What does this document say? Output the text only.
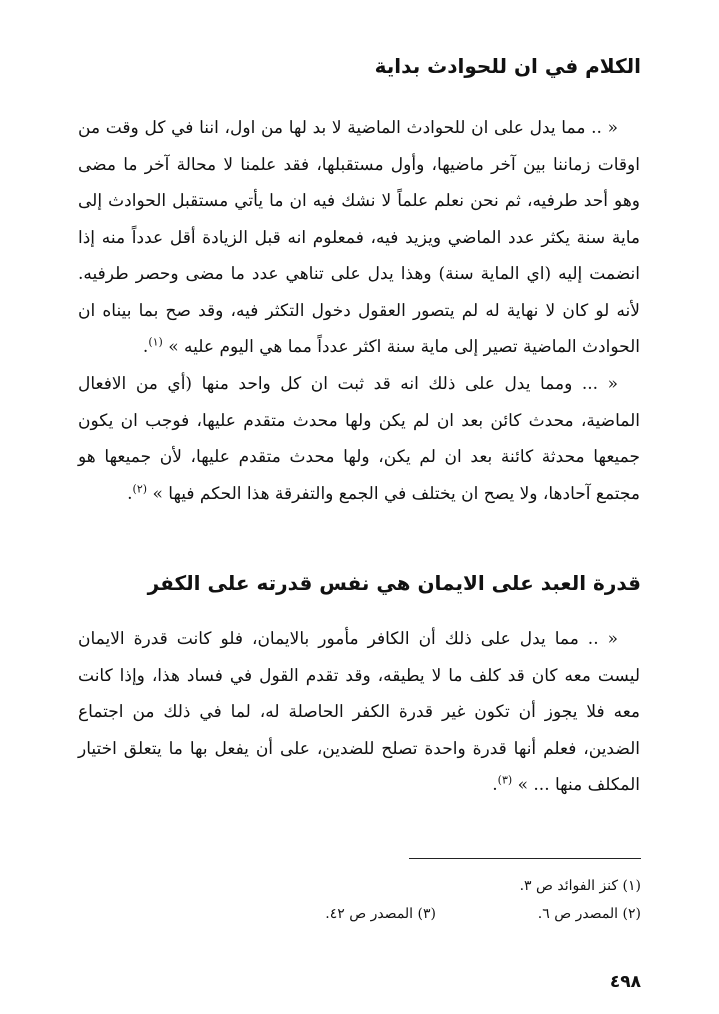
الكلام في ان للحوادث بداية

« .. مما يدل على ان للحوادث الماضية لا بد لها من اول، اننا في كل وقت من اوقات زماننا بين آخر ماضيها، وأول مستقبلها، فقد علمنا لا محالة آخر ما مضى وهو أحد طرفيه، ثم نحن نعلم علماً لا نشك فيه ان ما يأتي مستقبل الحوادث إلى ماية سنة يكثر عدد الماضي ويزيد فيه، فمعلوم انه قبل الزيادة أقل عدداً منه إذا انضمت إليه (اي الماية سنة) وهذا يدل على تناهي عدد ما مضى وحصر طرفيه. لأنه لو كان لا نهاية له لم يتصور العقول دخول التكثر فيه، وقد صح بما بيناه ان الحوادث الماضية تصير إلى ماية سنة اكثر عدداً مما هي اليوم عليه » $^{(١)}$.

« ... ومما يدل على ذلك انه قد ثبت ان كل واحد منها (أي من الافعال الماضية، محدث كائن بعد ان لم يكن ولها محدث متقدم عليها، فوجب ان يكون جميعها محدثة كائنة بعد ان لم يكن، ولها محدث متقدم عليها، لأن جميعها هو مجتمع آحادها، ولا يصح ان يختلف في الجمع والتفرقة هذا الحكم فيها » $^{(٢)}$.

قدرة العبد على الايمان هي نفس قدرته على الكفر

« .. مما يدل على ذلك أن الكافر مأمور بالايمان، فلو كانت قدرة الايمان ليست معه كان قد كلف ما لا يطيقه، وقد تقدم القول في فساد هذا، وإذا كانت معه فلا يجوز أن تكون غير قدرة الكفر الحاصلة له، لما في ذلك من اجتماع الضدين، فعلم أنها قدرة واحدة تصلح للضدين، على أن يفعل بها ما يتعلق اختيار المكلف منها ... » $^{(٣)}$.

(١) كنز الفوائد ص ٣.

(٢) المصدر ص ٦.

(٣) المصدر ص ٤٢.

٤٩٨
